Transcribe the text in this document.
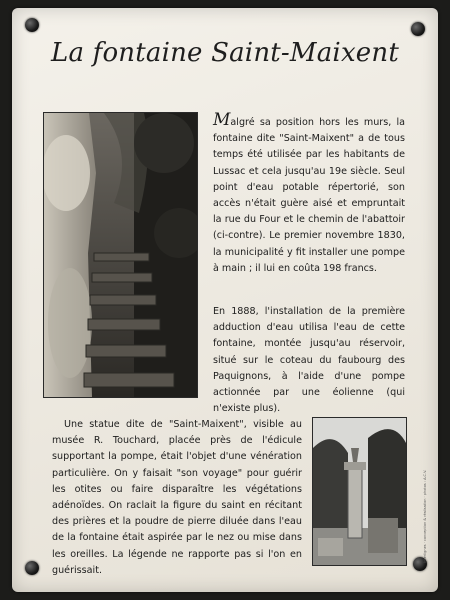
La fontaine Saint-Maixent
Malgré sa position hors les murs, la fontaine dite "Saint-Maixent" a de tous temps été utilisée par les habitants de Lussac et cela jusqu'au 19e siècle. Seul point d'eau potable répertorié, son accès n'était guère aisé et empruntait la rue du Four et le chemin de l'abattoir (ci-contre). Le premier novembre 1830, la municipalité y fit installer une pompe à main ; il lui en coûta 198 francs.
En 1888, l'installation de la première adduction d'eau utilisa l'eau de cette fontaine, montée jusqu'au réservoir, situé sur le coteau du faubourg des Paquignons, à l'aide d'une pompe actionnée par une éolienne (qui n'existe plus).
Une statue dite de "Saint-Maixent", visible au musée R. Touchard, placée près de l'édicule supportant la pompe, était l'objet d'une vénération particulière. On y faisait "son voyage" pour guérir les otites ou faire disparaître les végétations adénoïdes. On raclait la figure du saint en récitant des prières et la poudre de pierre diluée dans l'eau de la fontaine était aspirée par le nez ou mise dans les oreilles. La légende ne rapporte pas si l'on en guérissait.
Interlignes · conception & réalisation · photos : A.C.V.
